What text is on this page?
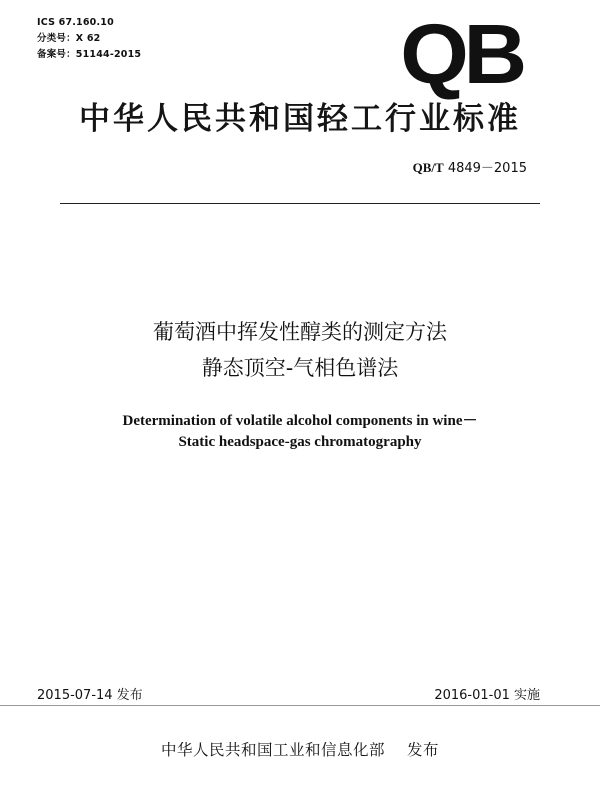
ICS 67.160.10
分类号：X 62
备案号：51144-2015	QB
中华人民共和国轻工行业标准
QB/T 4849－2015
葡萄酒中挥发性醇类的测定方法
静态顶空-气相色谱法
Determination of volatile alcohol components in wine－
Static headspace-gas chromatography
2015-07-14 发布	2016-01-01 实施
中华人民共和国工业和信息化部 发布
